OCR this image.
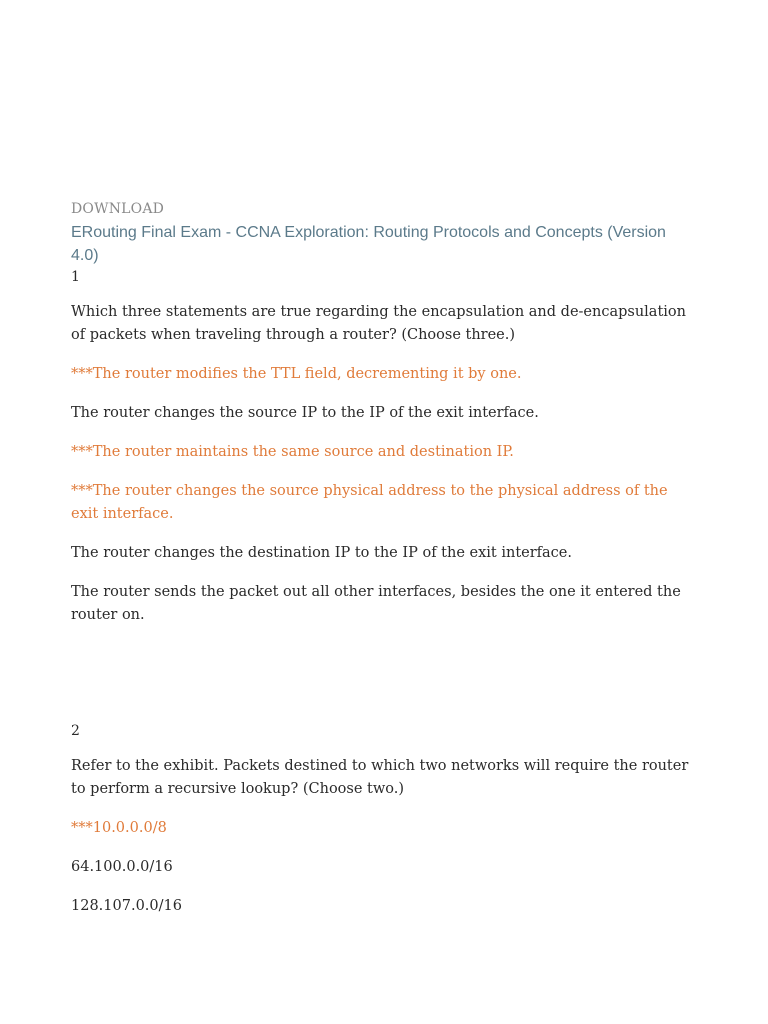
DOWNLOAD
ERouting Final Exam - CCNA Exploration: Routing Protocols and Concepts (Version 4.0)
1
Which three statements are true regarding the encapsulation and de-encapsulation of packets when traveling through a router? (Choose three.)
***The router modifies the TTL field, decrementing it by one.
The router changes the source IP to the IP of the exit interface.
***The router maintains the same source and destination IP.
***The router changes the source physical address to the physical address of the exit interface.
The router changes the destination IP to the IP of the exit interface.
The router sends the packet out all other interfaces, besides the one it entered the router on.
2
Refer to the exhibit. Packets destined to which two networks will require the router to perform a recursive lookup? (Choose two.)
***10.0.0.0/8
64.100.0.0/16
128.107.0.0/16
